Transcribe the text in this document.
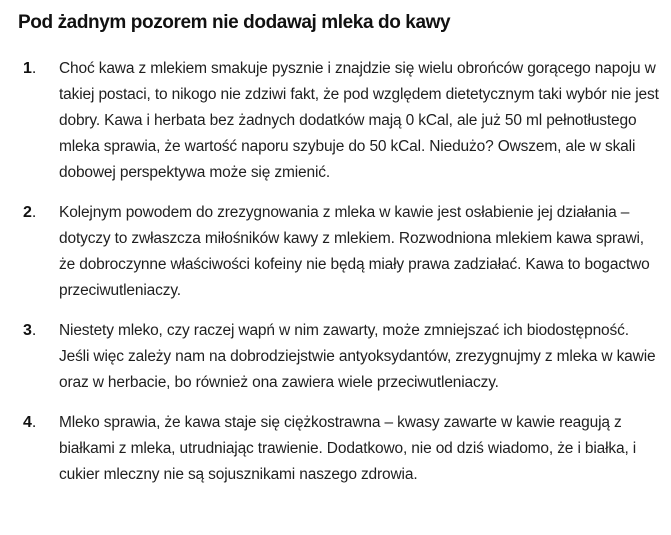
Pod żadnym pozorem nie dodawaj mleka do kawy
1.	Choć kawa z mlekiem smakuje pysznie i znajdzie się wielu obrońców gorącego napoju w takiej postaci, to nikogo nie zdziwi fakt, że pod względem dietetycznym taki wybór nie jest dobry. Kawa i herbata bez żadnych dodatków mają 0 kCal, ale już 50 ml pełnotłustego mleka sprawia, że wartość naporu szybuje do 50 kCal. Niedużo? Owszem, ale w skali dobowej perspektywa może się zmienić.
2.	Kolejnym powodem do zrezygnowania z mleka w kawie jest osłabienie jej działania – dotyczy to zwłaszcza miłośników kawy z mlekiem. Rozwodniona mlekiem kawa sprawi, że dobroczynne właściwości kofeiny nie będą miały prawa zadziałać. Kawa to bogactwo przeciwutleniaczy.
3.	Niestety mleko, czy raczej wapń w nim zawarty, może zmniejszać ich biodostępność. Jeśli więc zależy nam na dobrodziejstwie antyoksydantów, zrezygnujmy z mleka w kawie oraz w herbacie, bo również ona zawiera wiele przeciwutleniaczy.
4.	Mleko sprawia, że kawa staje się ciężkostrawna – kwasy zawarte w kawie reagują z białkami z mleka, utrudniając trawienie. Dodatkowo, nie od dziś wiadomo, że i białka, i cukier mleczny nie są sojusznikami naszego zdrowia.
